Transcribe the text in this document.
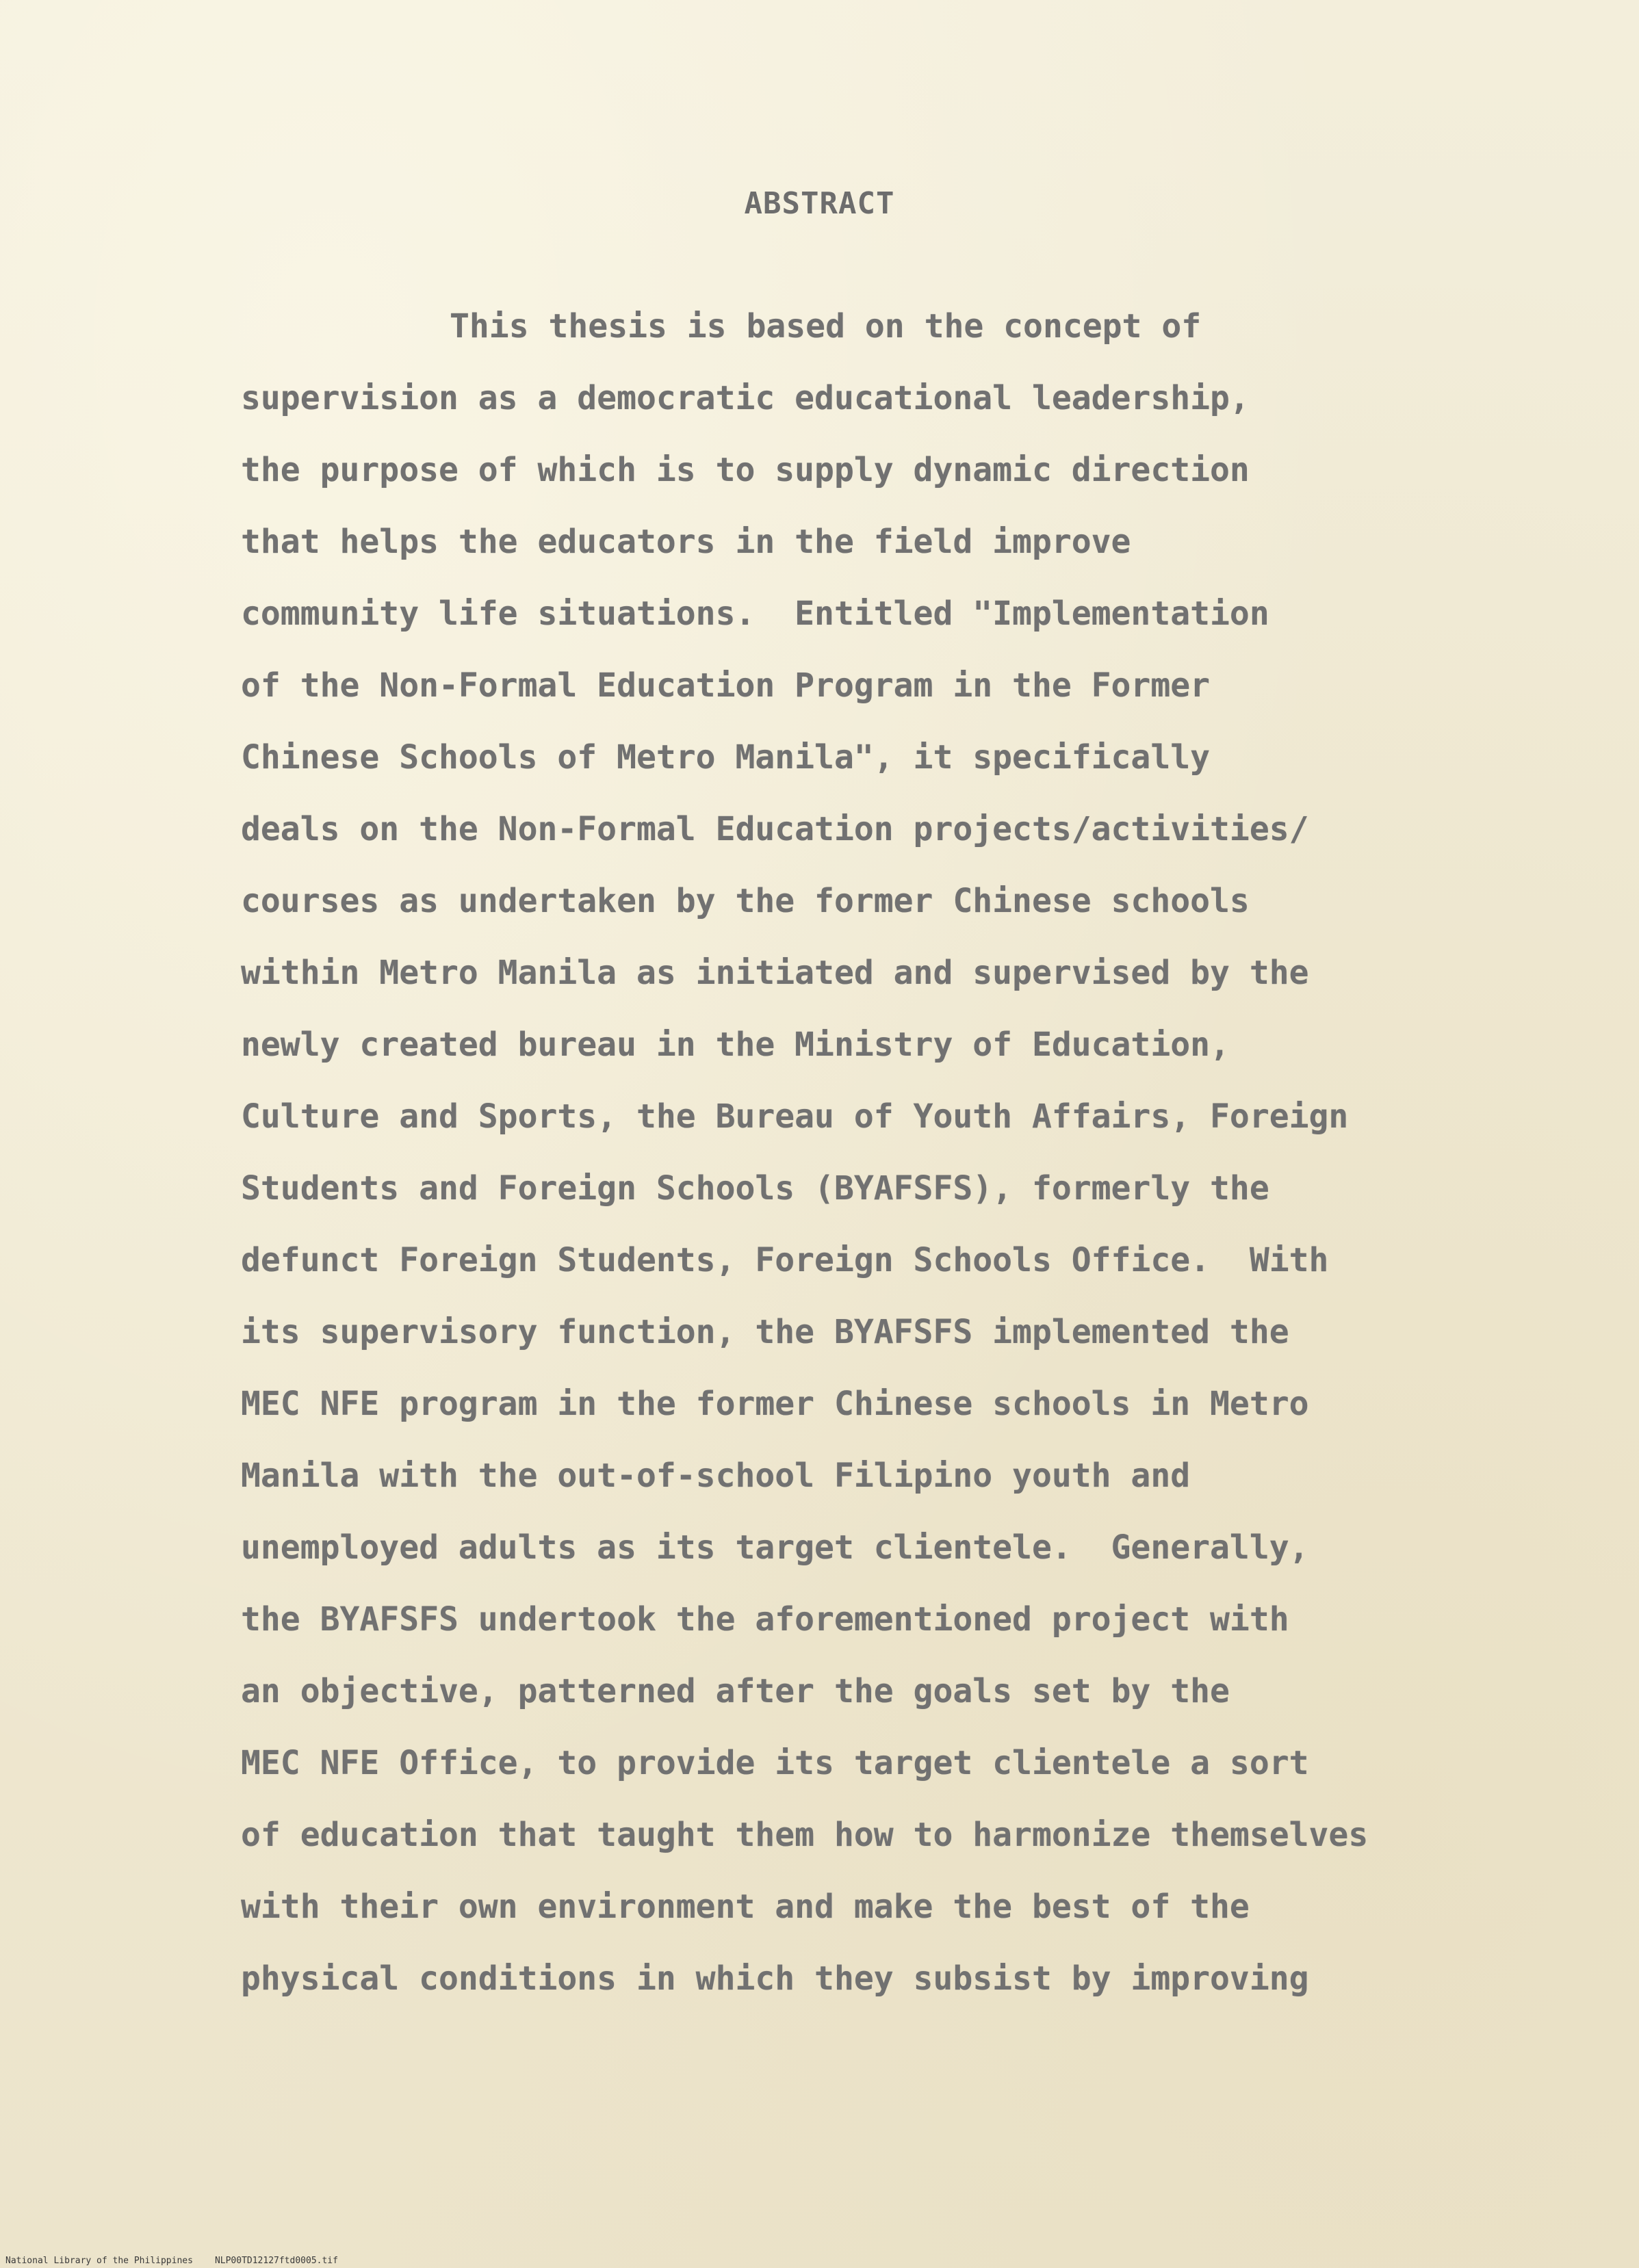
ABSTRACT
This thesis is based on the concept of
supervision as a democratic educational leadership,
the purpose of which is to supply dynamic direction
that helps the educators in the field improve
community life situations.  Entitled "Implementation
of the Non-Formal Education Program in the Former
Chinese Schools of Metro Manila", it specifically
deals on the Non-Formal Education projects/activities/
courses as undertaken by the former Chinese schools
within Metro Manila as initiated and supervised by the
newly created bureau in the Ministry of Education,
Culture and Sports, the Bureau of Youth Affairs, Foreign
Students and Foreign Schools (BYAFSFS), formerly the
defunct Foreign Students, Foreign Schools Office.  With
its supervisory function, the BYAFSFS implemented the
MEC NFE program in the former Chinese schools in Metro
Manila with the out-of-school Filipino youth and
unemployed adults as its target clientele.  Generally,
the BYAFSFS undertook the aforementioned project with
an objective, patterned after the goals set by the
MEC NFE Office, to provide its target clientele a sort
of education that taught them how to harmonize themselves
with their own environment and make the best of the
physical conditions in which they subsist by improving

National Library of the Philippines NLP00TD12127ftd0005.tif
